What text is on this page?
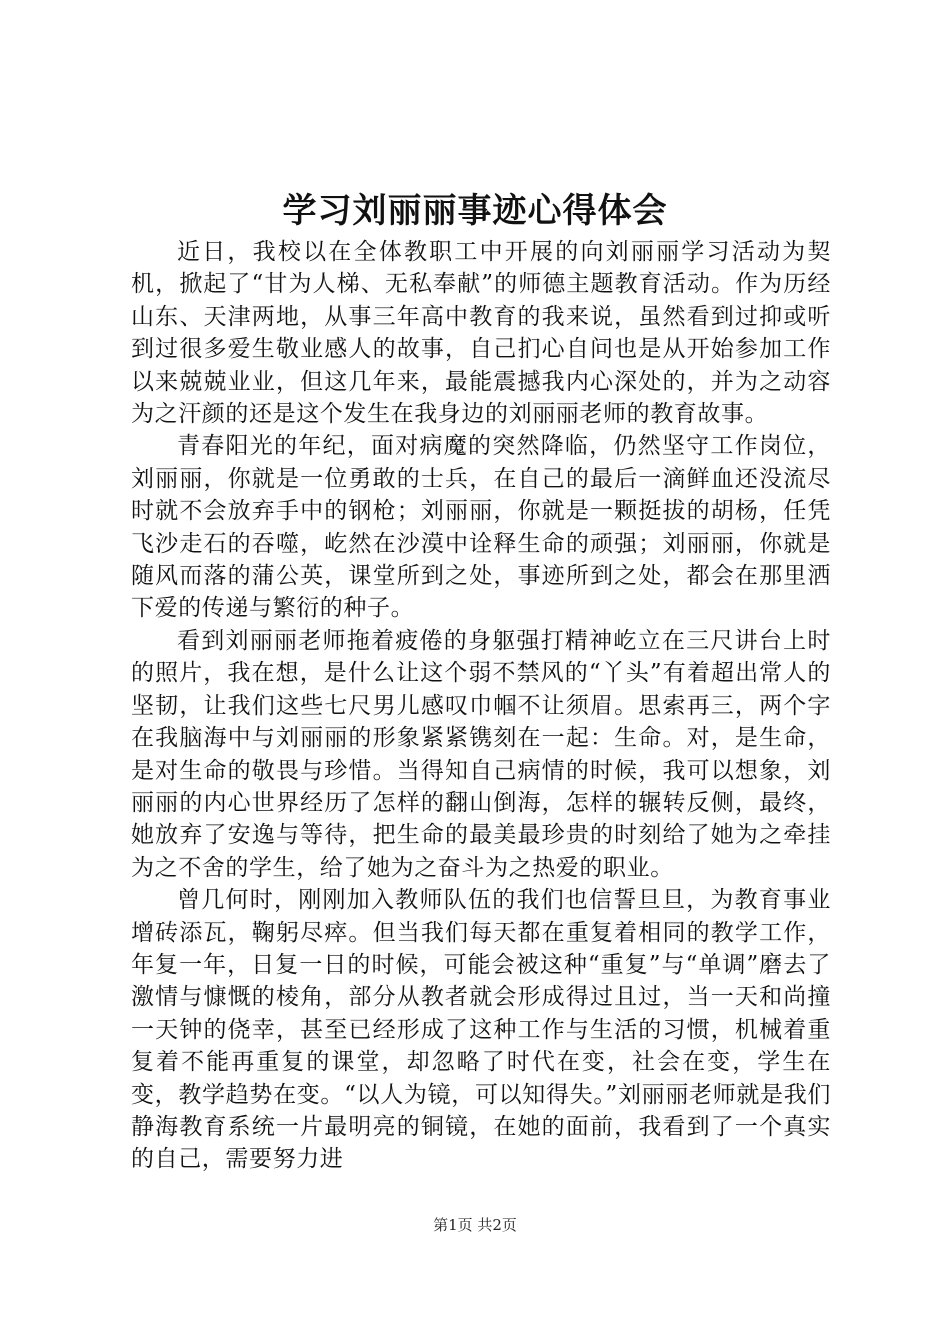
学习刘丽丽事迹心得体会

近日，我校以在全体教职工中开展的向刘丽丽学习活动为契机，掀起了“甘为人梯、无私奉献”的师德主题教育活动。作为历经山东、天津两地，从事三年高中教育的我来说，虽然看到过抑或听到过很多爱生敬业感人的故事，自己扪心自问也是从开始参加工作以来兢兢业业，但这几年来，最能震撼我内心深处的，并为之动容为之汗颜的还是这个发生在我身边的刘丽丽老师的教育故事。

青春阳光的年纪，面对病魔的突然降临，仍然坚守工作岗位，刘丽丽，你就是一位勇敢的士兵，在自己的最后一滴鲜血还没流尽时就不会放弃手中的钢枪；刘丽丽，你就是一颗挺拔的胡杨，任凭飞沙走石的吞噬，屹然在沙漠中诠释生命的顽强；刘丽丽，你就是随风而落的蒲公英，课堂所到之处，事迹所到之处，都会在那里洒下爱的传递与繁衍的种子。

看到刘丽丽老师拖着疲倦的身躯强打精神屹立在三尺讲台上时的照片，我在想，是什么让这个弱不禁风的“丫头”有着超出常人的坚韧，让我们这些七尺男儿感叹巾帼不让须眉。思索再三，两个字在我脑海中与刘丽丽的形象紧紧镌刻在一起：生命。对，是生命，是对生命的敬畏与珍惜。当得知自己病情的时候，我可以想象，刘丽丽的内心世界经历了怎样的翻山倒海，怎样的辗转反侧，最终，她放弃了安逸与等待，把生命的最美最珍贵的时刻给了她为之牵挂为之不舍的学生，给了她为之奋斗为之热爱的职业。

曾几何时，刚刚加入教师队伍的我们也信誓旦旦，为教育事业增砖添瓦，鞠躬尽瘁。但当我们每天都在重复着相同的教学工作，年复一年，日复一日的时候，可能会被这种“重复”与“单调”磨去了激情与慷慨的棱角，部分从教者就会形成得过且过，当一天和尚撞一天钟的侥幸，甚至已经形成了这种工作与生活的习惯，机械着重复着不能再重复的课堂，却忽略了时代在变，社会在变，学生在变，教学趋势在变。“以人为镜，可以知得失。”刘丽丽老师就是我们静海教育系统一片最明亮的铜镜，在她的面前，我看到了一个真实的自己，需要努力进

第1页 共2页
